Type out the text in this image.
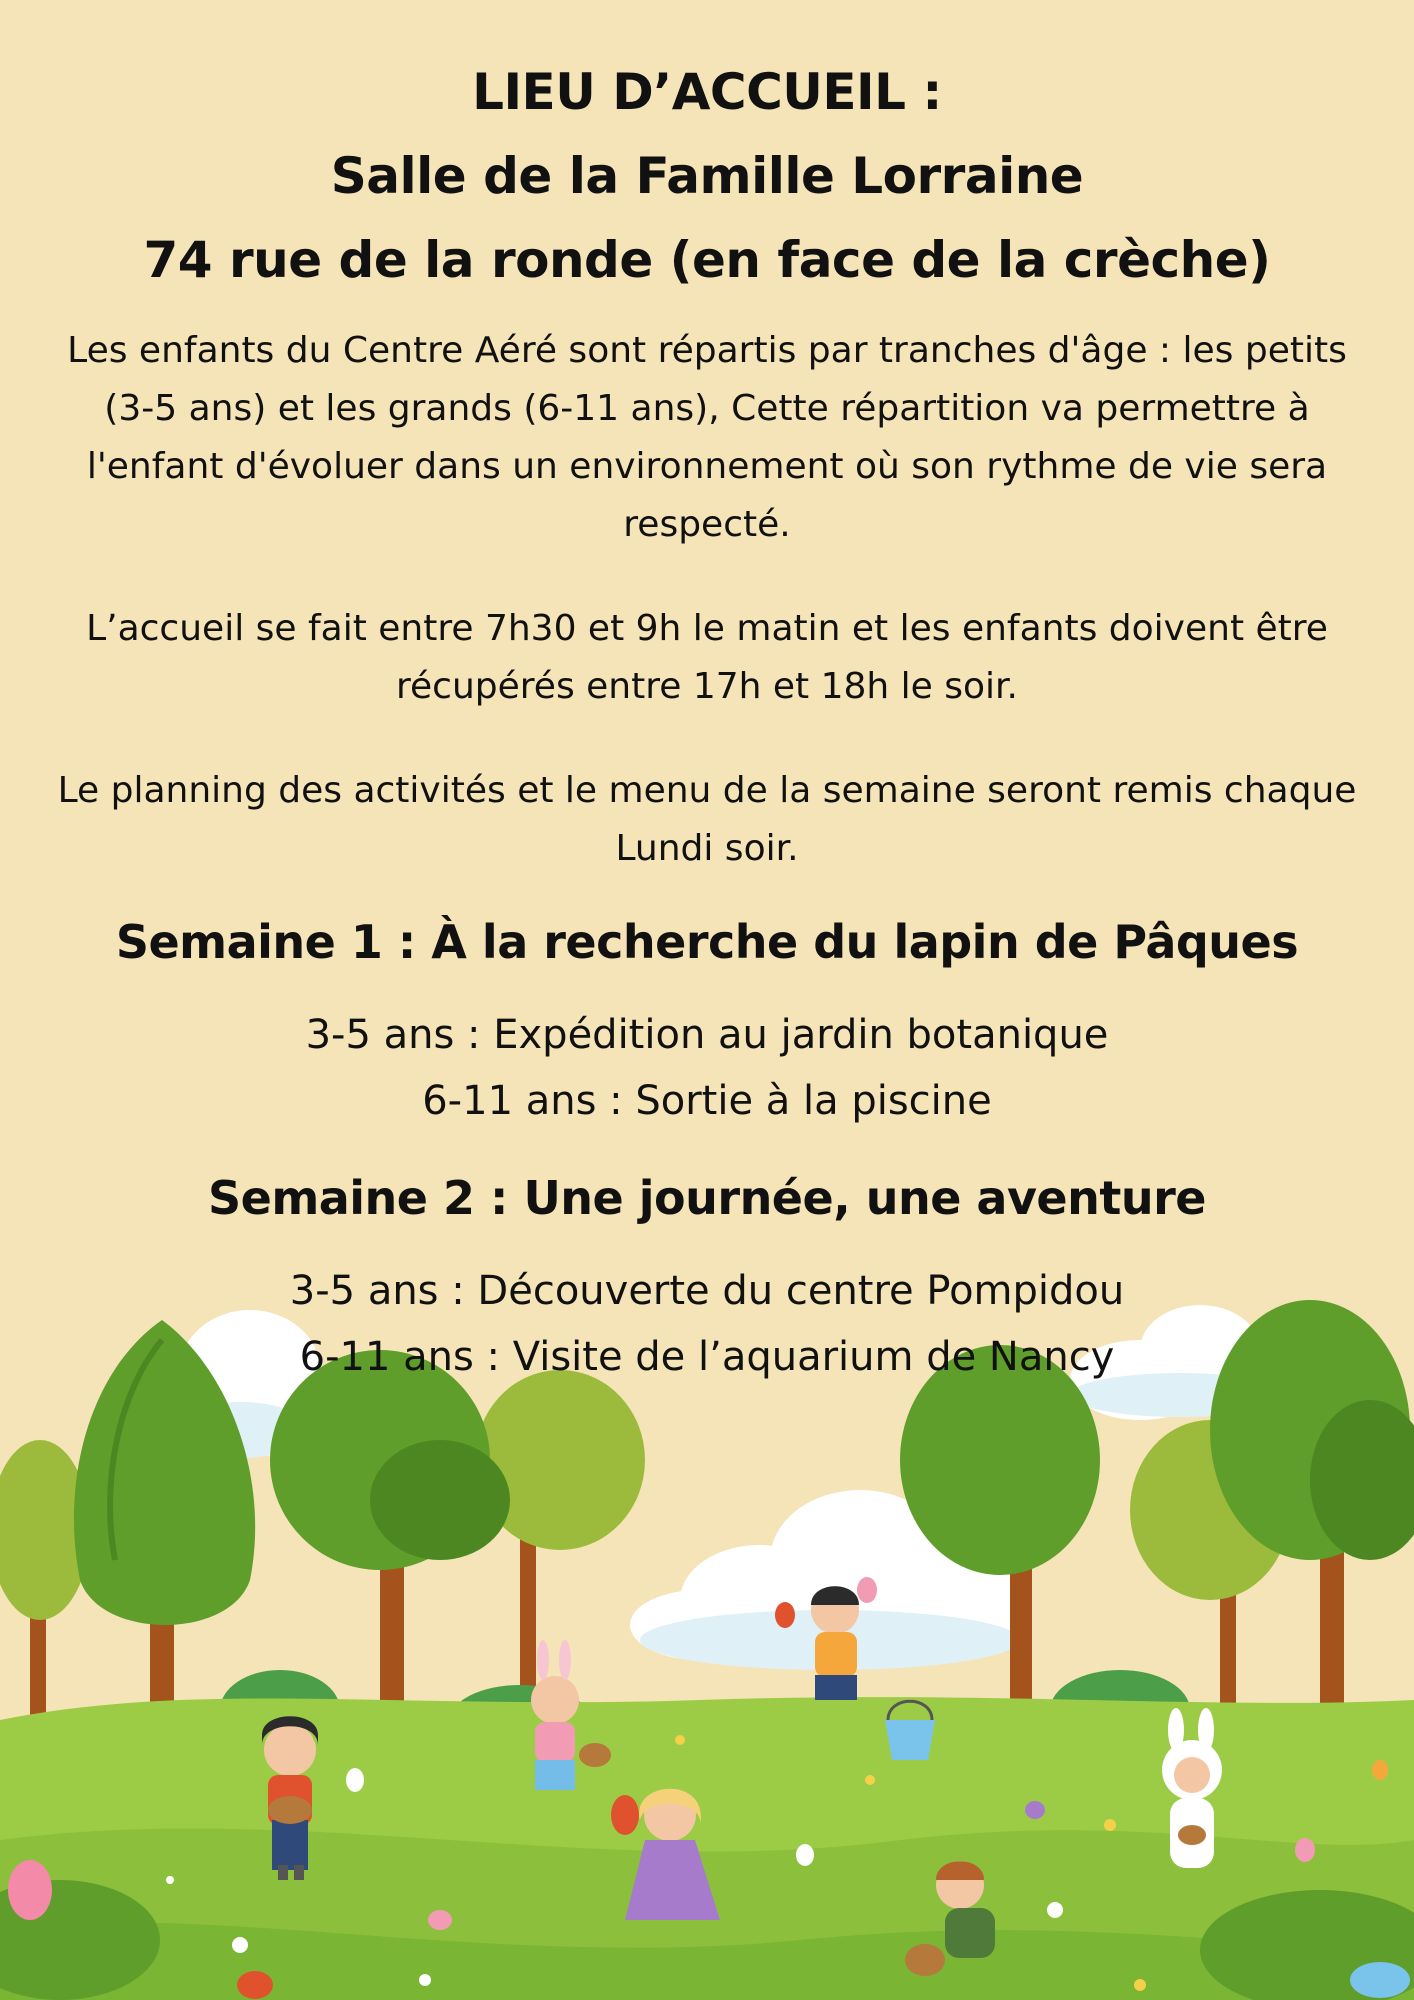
LIEU D’ACCUEIL :
Salle de la Famille Lorraine
74 rue de la ronde (en face de la crèche)

Les enfants du Centre Aéré sont répartis par tranches d'âge : les petits (3-5 ans) et les grands (6-11 ans), Cette répartition va permettre à l'enfant d'évoluer dans un environnement où son rythme de vie sera respecté.

L’accueil se fait entre 7h30 et 9h le matin et les enfants doivent être récupérés entre 17h et 18h le soir.

Le planning des activités et le menu de la semaine seront remis chaque Lundi soir.

Semaine 1 : À la recherche du lapin de Pâques

3-5 ans : Expédition au jardin botanique

6-11 ans : Sortie à la piscine

Semaine 2 : Une journée, une aventure

3-5 ans : Découverte du centre Pompidou

6-11 ans : Visite de l’aquarium de Nancy
